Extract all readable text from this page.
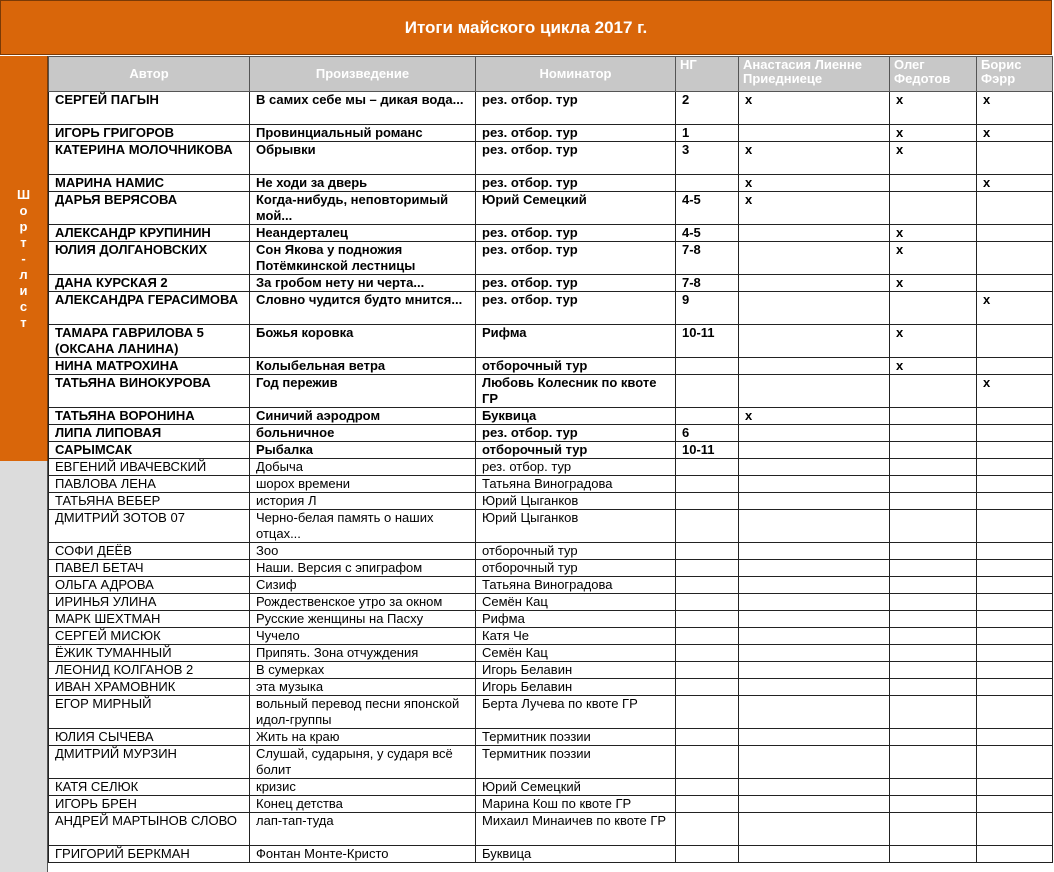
Итоги майского цикла 2017 г.
Ш
о
р
т
-
л
и
с
т
Автор	Произведение	Номинатор	НГ	Анастасия Лиенне Приедниеце	Олег Федотов	Борис Фэрр
СЕРГЕЙ ПАГЫН	В самих себе мы – дикая вода...	рез. отбор. тур	2	x	x	x
ИГОРЬ ГРИГОРОВ	Провинциальный романс	рез. отбор. тур	1		x	x
КАТЕРИНА МОЛОЧНИКОВА	Обрывки	рез. отбор. тур	3	x	x	
МАРИНА НАМИС	Не ходи за дверь	рез. отбор. тур		x		x
ДАРЬЯ ВЕРЯСОВА	Когда-нибудь, неповторимый мой...	Юрий Семецкий	4-5	x		
АЛЕКСАНДР КРУПИНИН	Неандерталец	рез. отбор. тур	4-5		x	
ЮЛИЯ ДОЛГАНОВСКИХ	Сон Якова у подножия Потёмкинской лестницы	рез. отбор. тур	7-8		x	
ДАНА КУРСКАЯ 2	За гробом нету ни черта...	рез. отбор. тур	7-8		x	
АЛЕКСАНДРА ГЕРАСИМОВА	Словно чудится будто мнится...	рез. отбор. тур	9			x
ТАМАРА ГАВРИЛОВА 5 (ОКСАНА ЛАНИНА)	Божья коровка	Рифма	10-11		x	
НИНА МАТРОХИНА	Колыбельная ветра	отборочный тур			x	
ТАТЬЯНА ВИНОКУРОВА	Год пережив	Любовь Колесник по квоте ГР				x
ТАТЬЯНА ВОРОНИНА	Синичий аэродром	Буквица		x		
ЛИПА ЛИПОВАЯ	больничное	рез. отбор. тур	6			
САРЫМСАК	Рыбалка	отборочный тур	10-11			
ЕВГЕНИЙ ИВАЧЕВСКИЙ	Добыча	рез. отбор. тур				
ПАВЛОВА ЛЕНА	шорох времени	Татьяна Виноградова				
ТАТЬЯНА ВЕБЕР	история Л	Юрий Цыганков				
ДМИТРИЙ ЗОТОВ 07	Черно-белая память о наших отцах...	Юрий Цыганков				
СОФИ ДЕЁВ	Зоо	отборочный тур				
ПАВЕЛ БЕТАЧ	Наши. Версия с эпиграфом	отборочный тур				
ОЛЬГА АДРОВА	Сизиф	Татьяна Виноградова				
ИРИНЬЯ УЛИНА	Рождественское утро за окном	Семён Кац				
МАРК ШЕХТМАН	Русские женщины на Пасху	Рифма				
СЕРГЕЙ МИСЮК	Чучело	Катя Че				
ЁЖИК ТУМАННЫЙ	Припять. Зона отчуждения	Семён Кац				
ЛЕОНИД КОЛГАНОВ 2	В сумерках	Игорь Белавин				
ИВАН ХРАМОВНИК	эта музыка	Игорь Белавин				
ЕГОР МИРНЫЙ	вольный перевод песни японской идол-группы	Берта Лучева по квоте ГР				
ЮЛИЯ СЫЧЕВА	Жить на краю	Термитник поэзии				
ДМИТРИЙ МУРЗИН	Слушай, сударыня, у сударя всё болит	Термитник поэзии				
КАТЯ СЕЛЮК	кризис	Юрий Семецкий				
ИГОРЬ БРЕН	Конец детства	Марина Кош по квоте ГР				
АНДРЕЙ МАРТЫНОВ СЛОВО	лап-тап-туда	Михаил Минаичев по квоте ГР				
ГРИГОРИЙ БЕРКМАН	Фонтан Монте-Кристо	Буквица				
